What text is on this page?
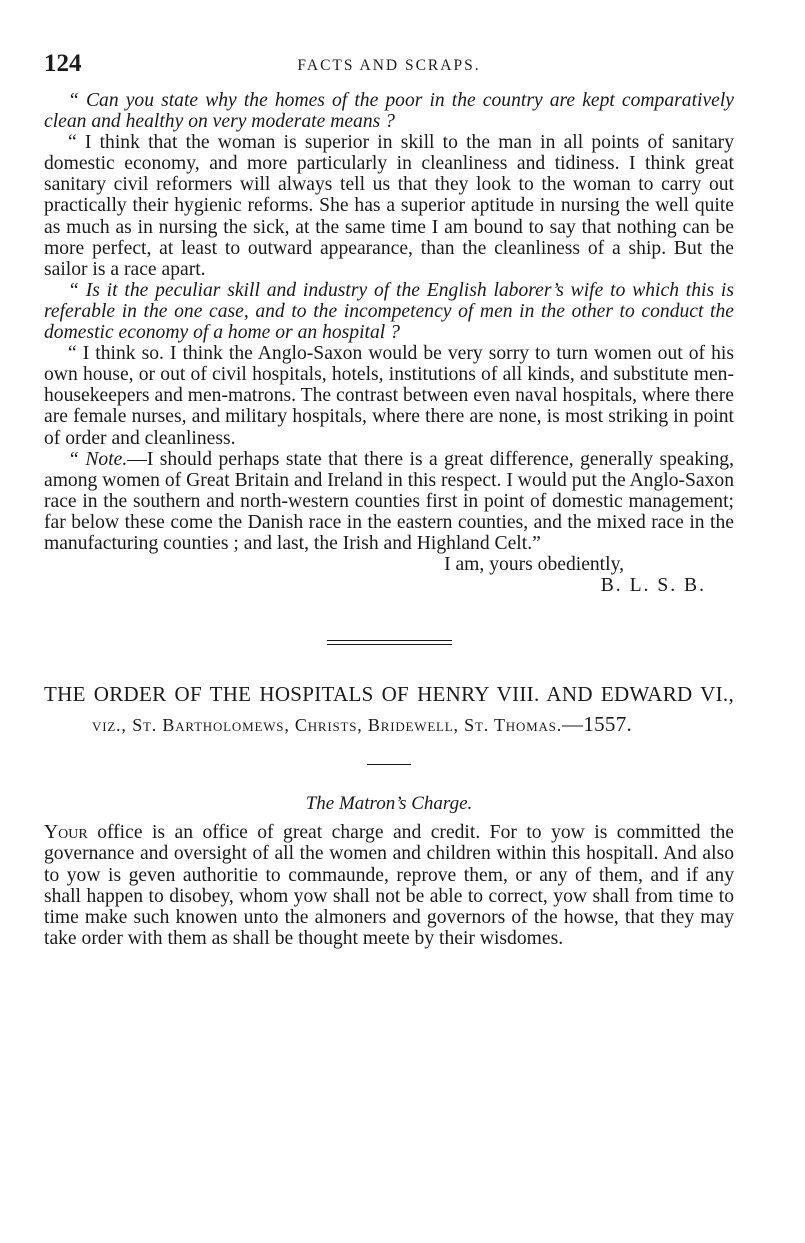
124	FACTS AND SCRAPS.

“ Can you state why the homes of the poor in the country are kept comparatively clean and healthy on very moderate means ?

“ I think that the woman is superior in skill to the man in all points of sanitary domestic economy, and more particularly in cleanliness and tidiness. I think great sanitary civil reformers will always tell us that they look to the woman to carry out practically their hygienic reforms. She has a superior aptitude in nursing the well quite as much as in nursing the sick, at the same time I am bound to say that nothing can be more perfect, at least to outward appearance, than the cleanliness of a ship. But the sailor is a race apart.

“ Is it the peculiar skill and industry of the English laborer’s wife to which this is referable in the one case, and to the incompetency of men in the other to conduct the domestic economy of a home or an hospital ?

“ I think so. I think the Anglo-Saxon would be very sorry to turn women out of his own house, or out of civil hospitals, hotels, institutions of all kinds, and substitute men-housekeepers and men-matrons. The contrast between even naval hospitals, where there are female nurses, and military hospitals, where there are none, is most striking in point of order and cleanliness.

“ Note.—I should perhaps state that there is a great difference, generally speaking, among women of Great Britain and Ireland in this respect. I would put the Anglo-Saxon race in the southern and north-western counties first in point of domestic management; far below these come the Danish race in the eastern counties, and the mixed race in the manufacturing counties ; and last, the Irish and Highland Celt.”

I am, yours obediently,

B. L. S. B.

THE ORDER OF THE HOSPITALS OF HENRY VIII. AND EDWARD VI., viz., St. Bartholomews, Christs, Bridewell, St. Thomas.—1557.

The Matron’s Charge.

Your office is an office of great charge and credit. For to yow is committed the governance and oversight of all the women and children within this hospitall. And also to yow is geven authoritie to commaunde, reprove them, or any of them, and if any shall happen to disobey, whom yow shall not be able to correct, yow shall from time to time make such knowen unto the almoners and governors of the howse, that they may take order with them as shall be thought meete by their wisdomes.
